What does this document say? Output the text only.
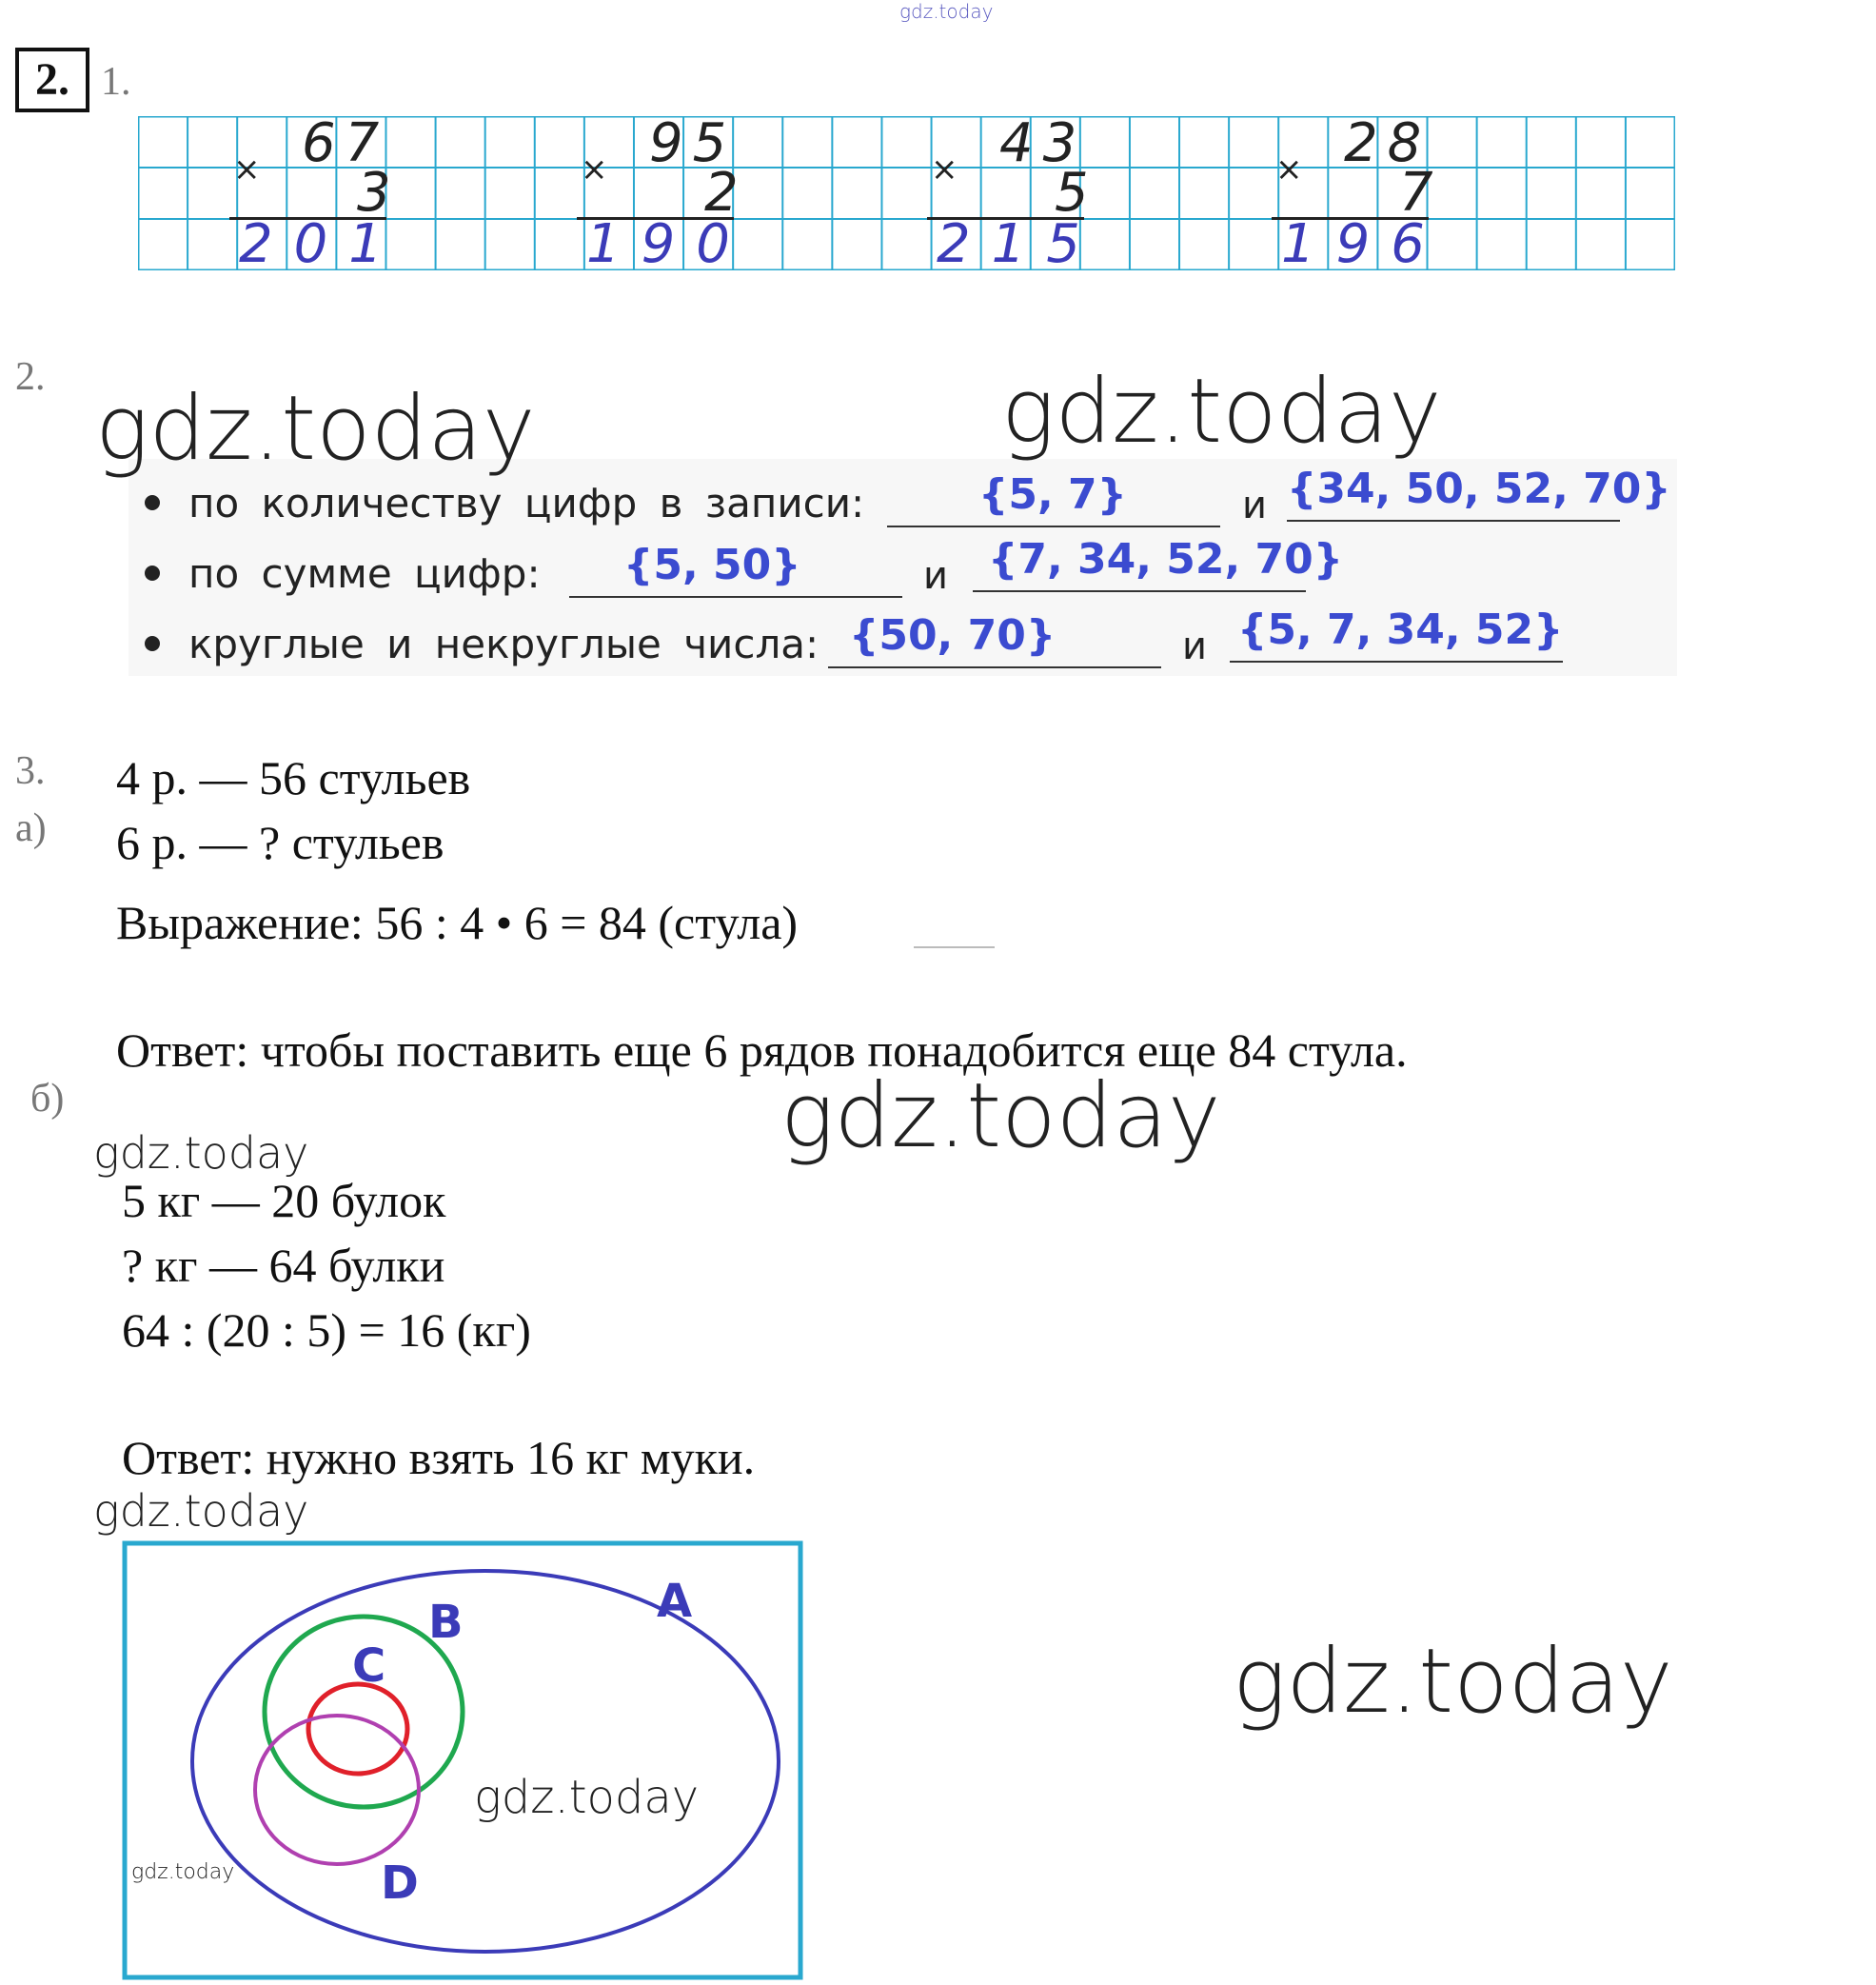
gdz.today
2. 1.
× 67
3
201
× 95
2
190
× 43
5
215
× 28
7
196
2.
по количеству цифр в записи:	{5, 7}	и {34, 50, 52, 70}
по сумме цифр: {5, 50}	и {7, 34, 52, 70}
круглые и некруглые числа: {50, 70}	и {5, 7, 34, 52}
3.
а)
4 р. — 56 стульев
6 р. — ? стульев
Выражение: 56 : 4 • 6 = 84 (стула)
Ответ: чтобы поставить еще 6 рядов понадобится еще 84 стула.
б)
5 кг — 20 булок
? кг — 64 булки
64 : (20 : 5) = 16 (кг)
Ответ: нужно взять 16 кг муки.
A
B
C
D
gdz.today	gdz.today
gdz.today
gdz.today
gdz.today
gdz.today
gdz.today
gdz.today
